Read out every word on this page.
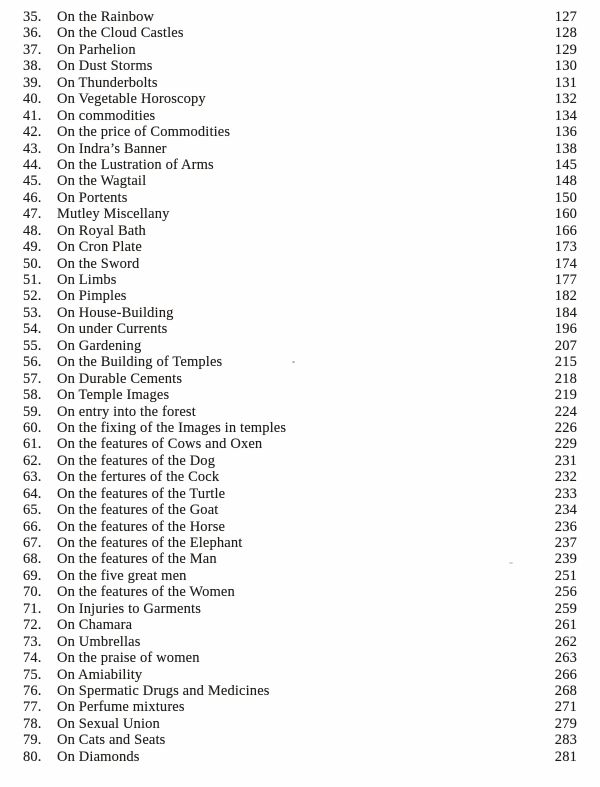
35.	On the Rainbow	127
36.	On the Cloud Castles	128
37.	On Parhelion	129
38.	On Dust Storms	130
39.	On Thunderbolts	131
40.	On Vegetable Horoscopy	132
41.	On commodities	134
42.	On the price of Commodities	136
43.	On Indra’s Banner	138
44.	On the Lustration of Arms	145
45.	On the Wagtail	148
46.	On Portents	150
47.	Mutley Miscellany	160
48.	On Royal Bath	166
49.	On Cron Plate	173
50.	On the Sword	174
51.	On Limbs	177
52.	On Pimples	182
53.	On House-Building	184
54.	On under Currents	196
55.	On Gardening	207
56.	On the Building of Temples	215
57.	On Durable Cements	218
58.	On Temple Images	219
59.	On entry into the forest	224
60.	On the fixing of the Images in temples	226
61.	On the features of Cows and Oxen	229
62.	On the features of the Dog	231
63.	On the fertures of the Cock	232
64.	On the features of the Turtle	233
65.	On the features of the Goat	234
66.	On the features of the Horse	236
67.	On the features of the Elephant	237
68.	On the features of the Man	239
69.	On the five great men	251
70.	On the features of the Women	256
71.	On Injuries to Garments	259
72.	On Chamara	261
73.	On Umbrellas	262
74.	On the praise of women	263
75.	On Amiability	266
76.	On Spermatic Drugs and Medicines	268
77.	On Perfume mixtures	271
78.	On Sexual Union	279
79.	On Cats and Seats	283
80.	On Diamonds	281
